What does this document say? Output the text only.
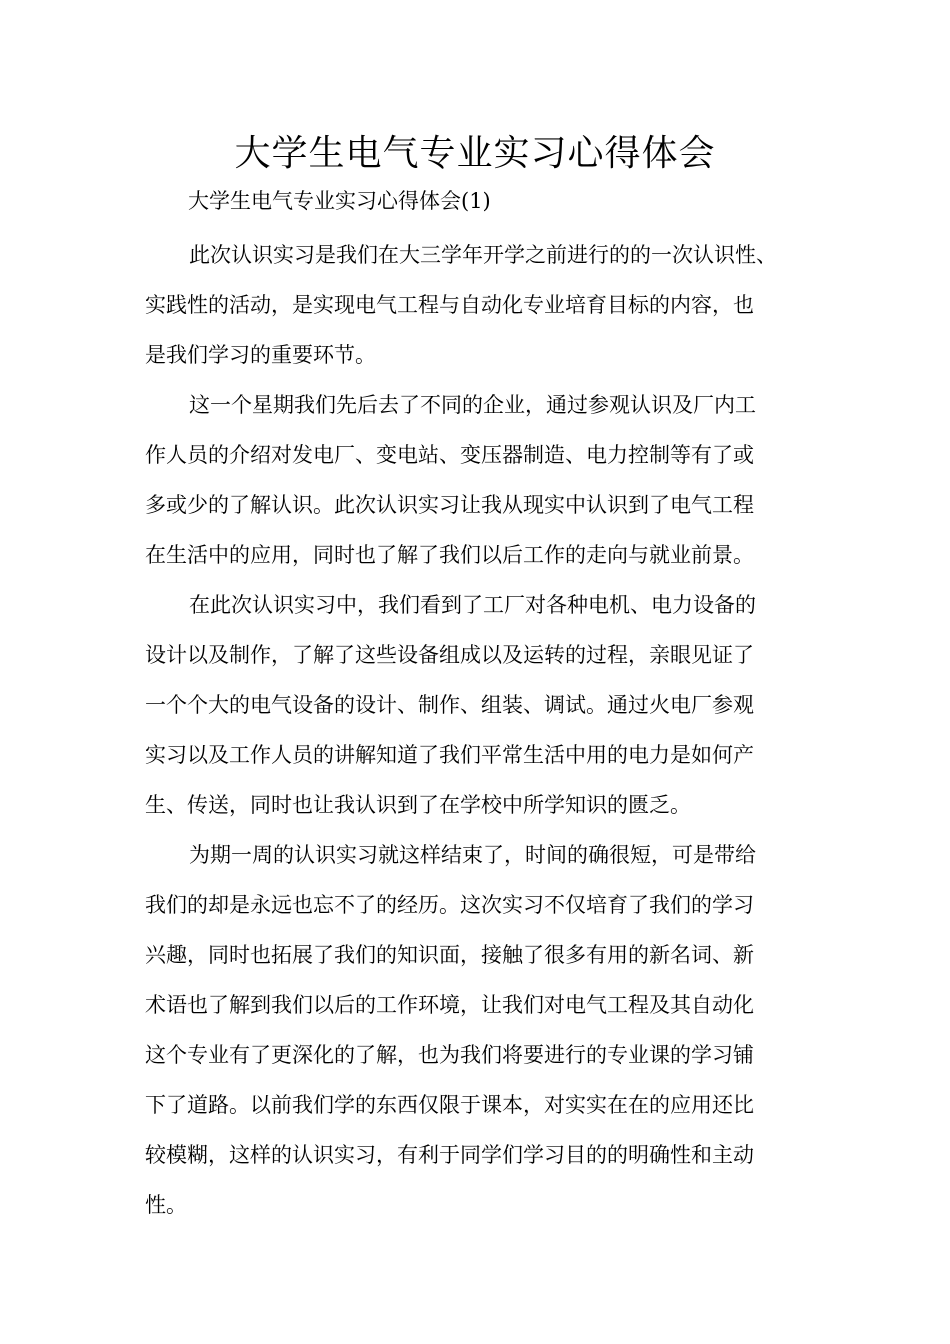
大学生电气专业实习心得体会

大学生电气专业实习心得体会(1)

此次认识实习是我们在大三学年开学之前进行的的一次认识性、
实践性的活动，是实现电气工程与自动化专业培育目标的内容，也
是我们学习的重要环节。

这一个星期我们先后去了不同的企业，通过参观认识及厂内工
作人员的介绍对发电厂、变电站、变压器制造、电力控制等有了或
多或少的了解认识。此次认识实习让我从现实中认识到了电气工程
在生活中的应用，同时也了解了我们以后工作的走向与就业前景。

在此次认识实习中，我们看到了工厂对各种电机、电力设备的
设计以及制作，了解了这些设备组成以及运转的过程，亲眼见证了
一个个大的电气设备的设计、制作、组装、调试。通过火电厂参观
实习以及工作人员的讲解知道了我们平常生活中用的电力是如何产
生、传送，同时也让我认识到了在学校中所学知识的匮乏。

为期一周的认识实习就这样结束了，时间的确很短，可是带给
我们的却是永远也忘不了的经历。这次实习不仅培育了我们的学习
兴趣，同时也拓展了我们的知识面，接触了很多有用的新名词、新
术语也了解到我们以后的工作环境，让我们对电气工程及其自动化
这个专业有了更深化的了解，也为我们将要进行的专业课的学习铺
下了道路。以前我们学的东西仅限于课本，对实实在在的应用还比
较模糊，这样的认识实习，有利于同学们学习目的的明确性和主动
性。
